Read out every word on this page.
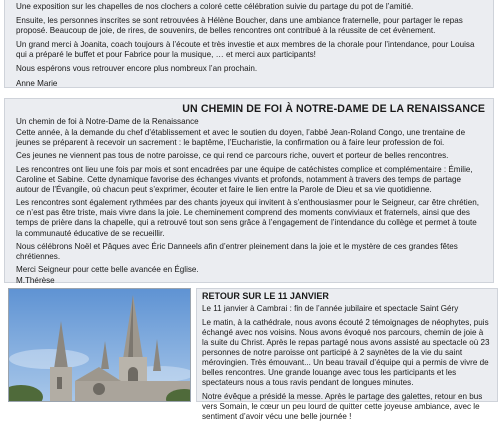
Une exposition sur les chapelles de nos clochers a coloré cette célébration suivie du partage du pot de l’amitié.

Ensuite, les personnes inscrites se sont retrouvées à Hélène Boucher, dans une ambiance fraternelle, pour partager le repas proposé. Beaucoup de joie, de rires, de souvenirs, de belles rencontres ont contribué à la réussite de cet évènement.

Un grand merci à Joanita, coach toujours à l’écoute et très investie et aux membres de la chorale pour l’intendance, pour Louisa qui a préparé le buffet et pour Fabrice pour la musique, … et merci aux participants!

Nous espérons vous retrouver encore plus nombreux l’an prochain.

Anne Marie

UN CHEMIN DE FOI À NOTRE-DAME DE LA RENAISSANCE

Un chemin de foi à Notre-Dame de la Renaissance

Cette année, à la demande du chef d’établissement et avec le soutien du doyen, l’abbé Jean-Roland Congo, une trentaine de jeunes se préparent à recevoir un sacrement : le baptême, l’Eucharistie, la confirmation ou à faire leur profession de foi.

Ces jeunes ne viennent pas tous de notre paroisse, ce qui rend ce parcours riche, ouvert et porteur de belles rencontres.

Les rencontres ont lieu une fois par mois et sont encadrées par une équipe de catéchistes complice et complémentaire : Émilie, Caroline et Sabine. Cette dynamique favorise des échanges vivants et profonds, notamment à travers des temps de partage autour de l’Évangile, où chacun peut s’exprimer, écouter et faire le lien entre la Parole de Dieu et sa vie quotidienne.

Les rencontres sont également rythmées par des chants joyeux qui invitent à s’enthousiasmer pour le Seigneur, car être chrétien, ce n’est pas être triste, mais vivre dans la joie. Le cheminement comprend des moments conviviaux et fraternels, ainsi que des temps de prière dans la chapelle, qui a retrouvé tout son sens grâce à l’engagement de l’intendance du collège et permet à toute la communauté éducative de se recueillir.

Nous célébrons Noël et Pâques avec Éric Danneels afin d’entrer pleinement dans la joie et le mystère de ces grandes fêtes chrétiennes.

Merci Seigneur pour cette belle avancée en Église.

M.Thérèse

RETOUR SUR LE 11 JANVIER

Le 11 janvier à Cambrai : fin de l’année jubilaire et spectacle Saint Géry

Le matin, à la cathédrale, nous avons écouté 2 témoignages de néophytes, puis échangé avec nos voisins. Nous avons évoqué nos parcours, chemin de joie à la suite du Christ. Après le repas partagé nous avons assisté au spectacle où 23 personnes de notre paroisse ont participé à 2 saynètes de la vie du saint mérovingien. Très émouvant... Un beau travail d’équipe qui a permis de vivre de belles rencontres. Une grande louange avec tous les participants et les spectateurs nous a tous ravis pendant de longues minutes.

Notre évêque a présidé la messe. Après le partage des galettes, retour en bus vers Somain, le cœur un peu lourd de quitter cette joyeuse ambiance, avec le sentiment d’avoir vécu une belle journée !
